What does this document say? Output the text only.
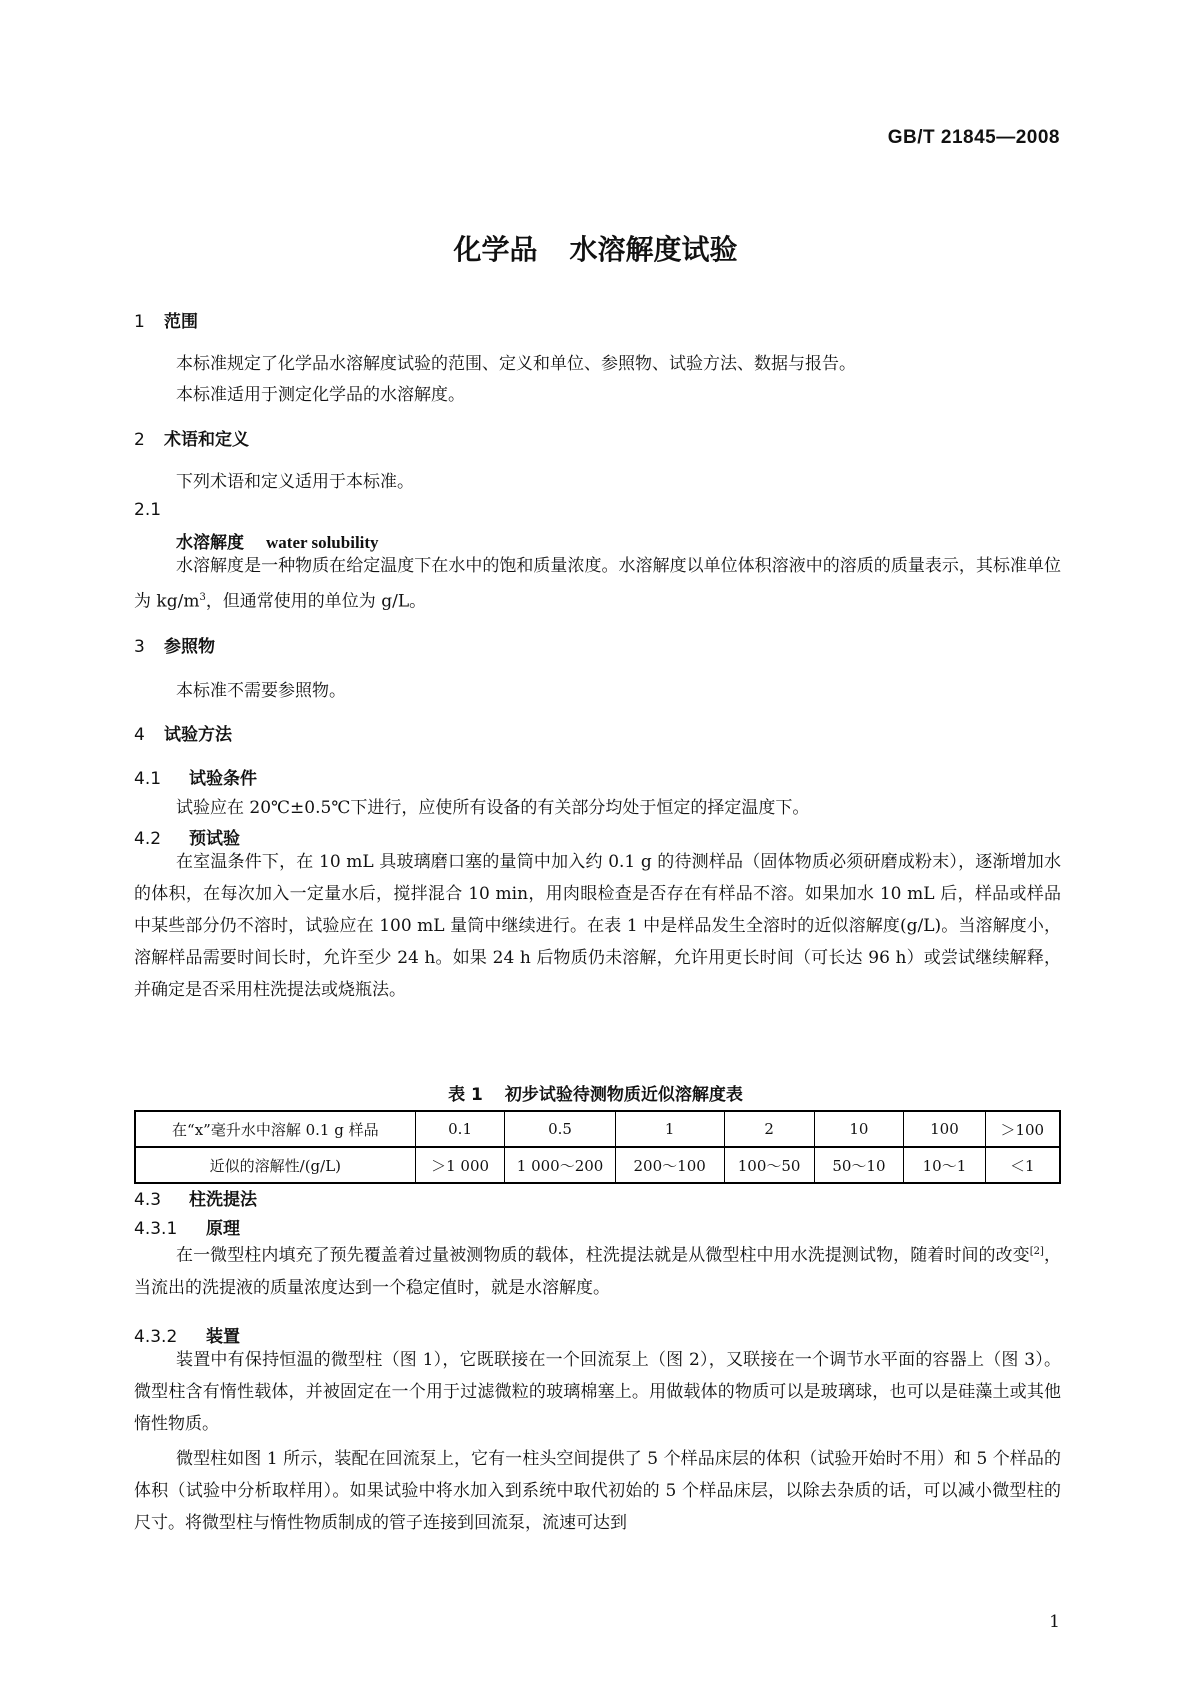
GB/T 21845—2008
化学品 水溶解度试验
1 范围
本标准规定了化学品水溶解度试验的范围、定义和单位、参照物、试验方法、数据与报告。
本标准适用于测定化学品的水溶解度。
2 术语和定义
下列术语和定义适用于本标准。
2.1
水溶解度 water solubility
水溶解度是一种物质在给定温度下在水中的饱和质量浓度。水溶解度以单位体积溶液中的溶质的质量表示，其标准单位为 $kg/m^3$，但通常使用的单位为 g/L。
3 参照物
本标准不需要参照物。
4 试验方法
4.1 试验条件
试验应在 20℃±0.5℃下进行，应使所有设备的有关部分均处于恒定的择定温度下。
4.2 预试验
在室温条件下，在 10 mL 具玻璃磨口塞的量筒中加入约 0.1 g 的待测样品（固体物质必须研磨成粉末），逐渐增加水的体积，在每次加入一定量水后，搅拌混合 10 min，用肉眼检查是否存在有样品不溶。如果加水 10 mL 后，样品或样品中某些部分仍不溶时，试验应在 100 mL 量筒中继续进行。在表 1 中是样品发生全溶时的近似溶解度(g/L)。当溶解度小，溶解样品需要时间长时，允许至少 24 h。如果 24 h 后物质仍未溶解，允许用更长时间（可长达 96 h）或尝试继续解释，并确定是否采用柱洗提法或烧瓶法。
表 1 初步试验待测物质近似溶解度表
在“x”毫升水中溶解 0.1 g 样品	0.1	0.5	1	2	10	100	＞100
近似的溶解性/(g/L)	＞1 000	1 000～200	200～100	100～50	50～10	10～1	＜1
4.3 柱洗提法
4.3.1 原理
在一微型柱内填充了预先覆盖着过量被测物质的载体，柱洗提法就是从微型柱中用水洗提测试物，随着时间的改变[2]，当流出的洗提液的质量浓度达到一个稳定值时，就是水溶解度。
4.3.2 装置
装置中有保持恒温的微型柱（图 1），它既联接在一个回流泵上（图 2），又联接在一个调节水平面的容器上（图 3）。微型柱含有惰性载体，并被固定在一个用于过滤微粒的玻璃棉塞上。用做载体的物质可以是玻璃球，也可以是硅藻土或其他惰性物质。
微型柱如图 1 所示，装配在回流泵上，它有一柱头空间提供了 5 个样品床层的体积（试验开始时不用）和 5 个样品的体积（试验中分析取样用）。如果试验中将水加入到系统中取代初始的 5 个样品床层，以除去杂质的话，可以减小微型柱的尺寸。将微型柱与惰性物质制成的管子连接到回流泵，流速可达到
1
